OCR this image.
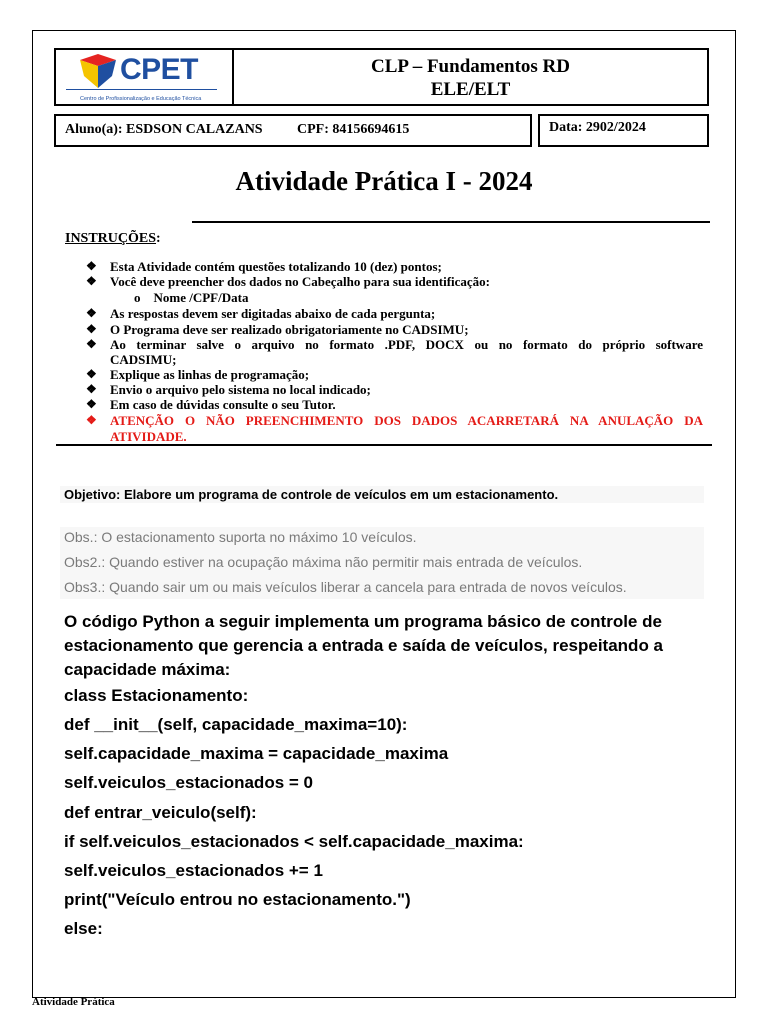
CPET
Centro de Profissionalização e Educação Técnica
CLP – Fundamentos RD
ELE/ELT
Aluno(a): ESDSON CALAZANS CPF: 84156694615	Data: 2902/2024
Atividade Prática I - 2024
INSTRUÇÕES:
❖ Esta Atividade contém questões totalizando 10 (dez) pontos;
❖ Você deve preencher dos dados no Cabeçalho para sua identificação:
o Nome /CPF/Data
❖ As respostas devem ser digitadas abaixo de cada pergunta;
❖ O Programa deve ser realizado obrigatoriamente no CADSIMU;
❖ Ao terminar salve o arquivo no formato .PDF, DOCX ou no formato do próprio software
CADSIMU;
❖ Explique as linhas de programação;
❖ Envio o arquivo pelo sistema no local indicado;
❖ Em caso de dúvidas consulte o seu Tutor.
❖ ATENÇÃO O NÃO PREENCHIMENTO DOS DADOS ACARRETARÁ NA ANULAÇÃO DA
ATIVIDADE.
Objetivo: Elabore um programa de controle de veículos em um estacionamento.
Obs.: O estacionamento suporta no máximo 10 veículos.
Obs2.: Quando estiver na ocupação máxima não permitir mais entrada de veículos.
Obs3.: Quando sair um ou mais veículos liberar a cancela para entrada de novos veículos.
O código Python a seguir implementa um programa básico de controle de estacionamento que gerencia a entrada e saída de veículos, respeitando a capacidade máxima:
class Estacionamento:
def __init__(self, capacidade_maxima=10):
self.capacidade_maxima = capacidade_maxima
self.veiculos_estacionados = 0
def entrar_veiculo(self):
if self.veiculos_estacionados < self.capacidade_maxima:
self.veiculos_estacionados += 1
print("Veículo entrou no estacionamento.")
else:
Atividade Prática
